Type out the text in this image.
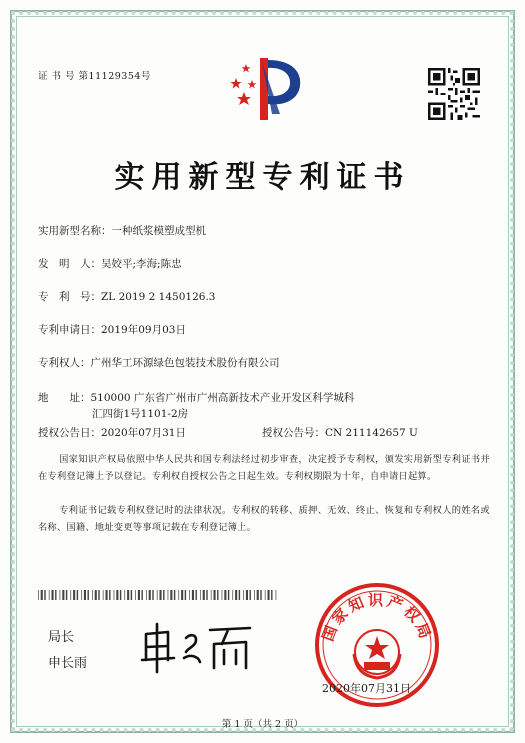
证 书 号 第11129354号
实用新型专利证书
实用新型名称：一种纸浆模塑成型机
发　明　人：吴姣平;李海;陈忠
专　利　号：ZL 2019 2 1450126.3
专利申请日：2019年09月03日
专利权人：广州华工环源绿色包装技术股份有限公司
地　　址：510000 广东省广州市广州高新技术产业开发区科学城科
汇四街1号1101-2房
授权公告日：2020年07月31日	授权公告号：CN 211142657 U
国家知识产权局依照中华人民共和国专利法经过初步审查，决定授予专利权，颁发实用新型专利证书并在专利登记簿上予以登记。专利权自授权公告之日起生效。专利权期限为十年，自申请日起算。
专利证书记载专利权登记时的法律状况。专利权的转移、质押、无效、终止、恢复和专利权人的姓名或名称、国籍、地址变更等事项记载在专利登记簿上。
局长
申长雨
国家知识产权局
2020年07月31日
第 1 页（共 2 页）
